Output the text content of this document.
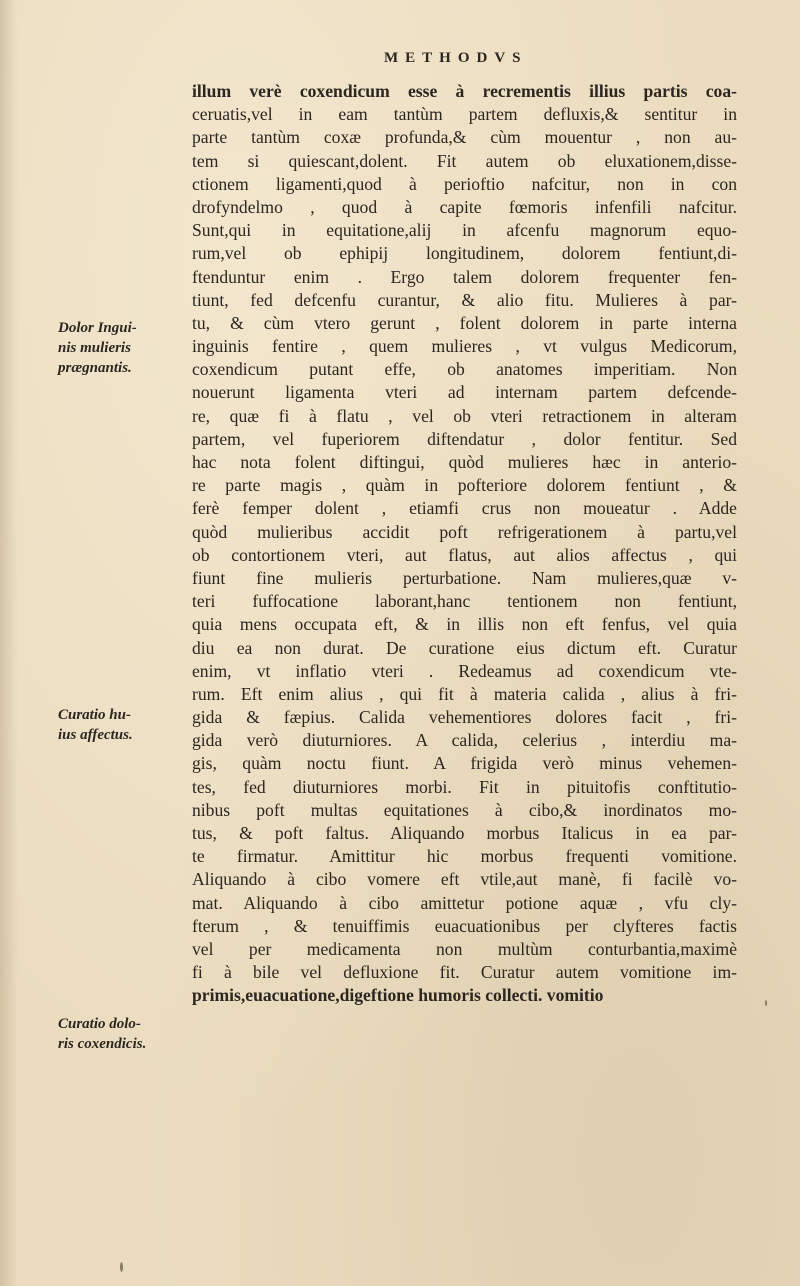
METHODVS
illum verè coxendicum esse à recrementis illius partis coa-
ceruatis,vel in eam tantùm partem defluxis,& sentitur in
parte tantùm coxæ profunda,& cùm mouentur , non au-
tem si quiescant,dolent. Fit autem ob eluxationem,disse-
ctionem ligamenti,quod à perioftio nafcitur, non in con
drofyndelmo , quod à capite fœmoris infenfili nafcitur.
Sunt,qui in equitatione,alij in afcenfu magnorum equo-
rum,vel ob ephipij longitudinem, dolorem fentiunt,di-
ftenduntur enim . Ergo talem dolorem frequenter fen-
tiunt, fed defcenfu curantur, & alio fitu. Mulieres à par-
tu, & cùm vtero gerunt , folent dolorem in parte interna
inguinis fentire , quem mulieres , vt vulgus Medicorum,
coxendicum putant effe, ob anatomes imperitiam. Non
nouerunt ligamenta vteri ad internam partem defcende-
re, quæ fi à flatu , vel ob vteri retractionem in alteram
partem, vel fuperiorem diftendatur , dolor fentitur. Sed
hac nota folent diftingui, quòd mulieres hæc in anterio-
re parte magis , quàm in pofteriore dolorem fentiunt , &
ferè femper dolent , etiamfi crus non moueatur . Adde
quòd mulieribus accidit poft refrigerationem à partu,vel
ob contortionem vteri, aut flatus, aut alios affectus , qui
fiunt fine mulieris perturbatione. Nam mulieres,quæ v-
teri fuffocatione laborant,hanc tentionem non fentiunt,
quia mens occupata eft, & in illis non eft fenfus, vel quia
diu ea non durat. De curatione eius dictum eft. Curatur
enim, vt inflatio vteri . Redeamus ad coxendicum vte-
rum. Eft enim alius , qui fit à materia calida , alius à fri-
gida & fæpius. Calida vehementiores dolores facit , fri-
gida verò diuturniores. A calida, celerius , interdiu ma-
gis, quàm noctu fiunt. A frigida verò minus vehemen-
tes, fed diuturniores morbi. Fit in pituitofis conftitutio-
nibus poft multas equitationes à cibo,& inordinatos mo-
tus, & poft faltus. Aliquando morbus Italicus in ea par-
te firmatur. Amittitur hic morbus frequenti vomitione.
Aliquando à cibo vomere eft vtile,aut manè, fi facilè vo-
mat. Aliquando à cibo amittetur potione aquæ , vfu cly-
fterum , & tenuiffimis euacuationibus per clyfteres factis
vel per medicamenta non multùm conturbantia,maximè
fi à bile vel defluxione fit. Curatur autem vomitione im-
primis,euacuatione,digeftione humoris collecti. vomitio
Dolor Ingui-
nis mulieris
prægnantis.
Curatio hu-
ius affectus.
Curatio dolo-
ris coxendicis.
